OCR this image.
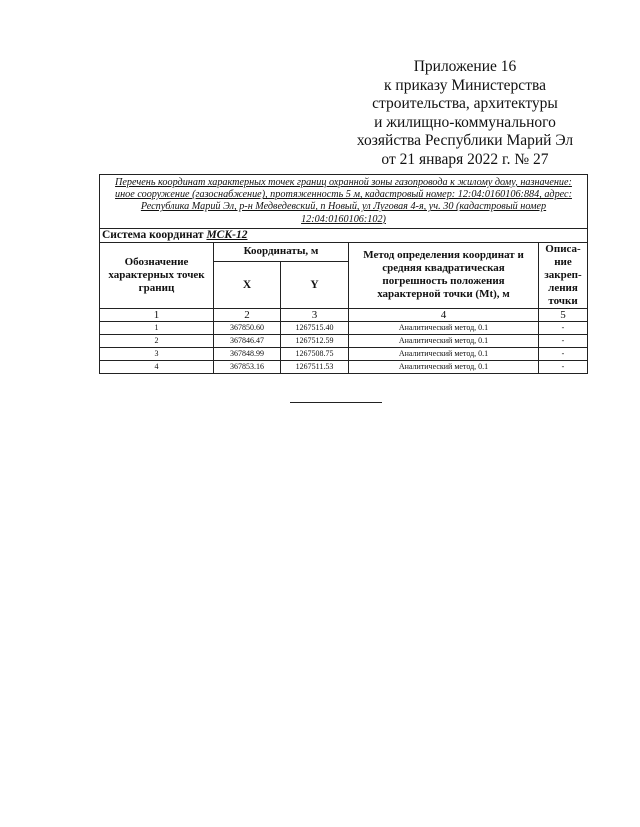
Приложение 16
к приказу Министерства
строительства, архитектуры
и жилищно-коммунального
хозяйства Республики Марий Эл
от 21 января 2022 г. № 27
Перечень координат характерных точек границ охранной зоны газопровода к жилому дому, назначение: иное сооружение (газоснабжение), протяженность 5 м, кадастровый номер: 12:04:0160106:884, адрес: Республика Марий Эл, р-н Медведевский, п Новый, ул Луговая 4-я, уч. 30 (кадастровый номер 12:04:0160106:102)				
Система координат МСК-12				
Обозначение характерных точек границ	Координаты, м		Метод определения координат и средняя квадратическая погрешность положения характерной точки (Mt), м	Описа-ние закреп-ления точки
	X	Y		
1	2	3	4	5
1	367850.60	1267515.40	Аналитический метод, 0.1	-
2	367846.47	1267512.59	Аналитический метод, 0.1	-
3	367848.99	1267508.75	Аналитический метод, 0.1	-
4	367853.16	1267511.53	Аналитический метод, 0.1	-
